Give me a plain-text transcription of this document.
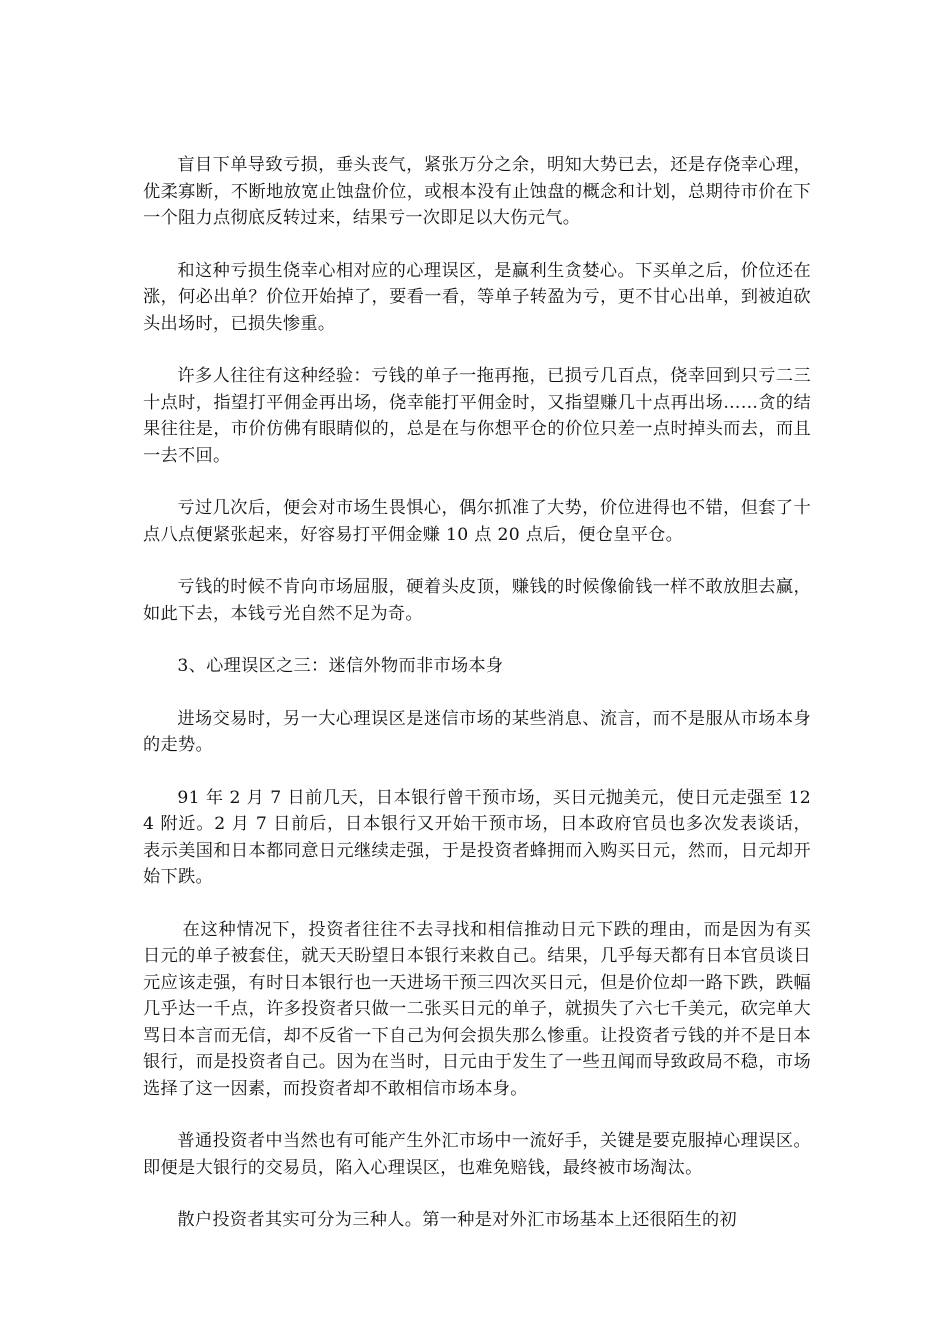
盲目下单导致亏损，垂头丧气，紧张万分之余，明知大势已去，还是存侥幸心理，优柔寡断，不断地放宽止蚀盘价位，或根本没有止蚀盘的概念和计划，总期待市价在下一个阻力点彻底反转过来，结果亏一次即足以大伤元气。

和这种亏损生侥幸心相对应的心理误区，是赢利生贪婪心。下买单之后，价位还在涨，何必出单？价位开始掉了，要看一看，等单子转盈为亏，更不甘心出单，到被迫砍头出场时，已损失惨重。

许多人往往有这种经验：亏钱的单子一拖再拖，已损亏几百点，侥幸回到只亏二三十点时，指望打平佣金再出场，侥幸能打平佣金时，又指望赚几十点再出场……贪的结果往往是，市价仿佛有眼睛似的，总是在与你想平仓的价位只差一点时掉头而去，而且一去不回。

亏过几次后，便会对市场生畏惧心，偶尔抓准了大势，价位进得也不错，但套了十点八点便紧张起来，好容易打平佣金赚 10 点 20 点后，便仓皇平仓。

亏钱的时候不肯向市场屈服，硬着头皮顶，赚钱的时候像偷钱一样不敢放胆去赢，如此下去，本钱亏光自然不足为奇。

3、心理误区之三：迷信外物而非市场本身

进场交易时，另一大心理误区是迷信市场的某些消息、流言，而不是服从市场本身的走势。

91 年 2 月 7 日前几天，日本银行曾干预市场，买日元抛美元，使日元走强至 124 附近。2 月 7 日前后，日本银行又开始干预市场，日本政府官员也多次发表谈话，表示美国和日本都同意日元继续走强，于是投资者蜂拥而入购买日元，然而，日元却开始下跌。

在这种情况下，投资者往往不去寻找和相信推动日元下跌的理由，而是因为有买日元的单子被套住，就天天盼望日本银行来救自己。结果，几乎每天都有日本官员谈日元应该走强，有时日本银行也一天进场干预三四次买日元，但是价位却一路下跌，跌幅几乎达一千点，许多投资者只做一二张买日元的单子，就损失了六七千美元，砍完单大骂日本言而无信，却不反省一下自己为何会损失那么惨重。让投资者亏钱的并不是日本银行，而是投资者自己。因为在当时，日元由于发生了一些丑闻而导致政局不稳，市场选择了这一因素，而投资者却不敢相信市场本身。

普通投资者中当然也有可能产生外汇市场中一流好手，关键是要克服掉心理误区。即便是大银行的交易员，陷入心理误区，也难免赔钱，最终被市场淘汰。

散户投资者其实可分为三种人。第一种是对外汇市场基本上还很陌生的初
